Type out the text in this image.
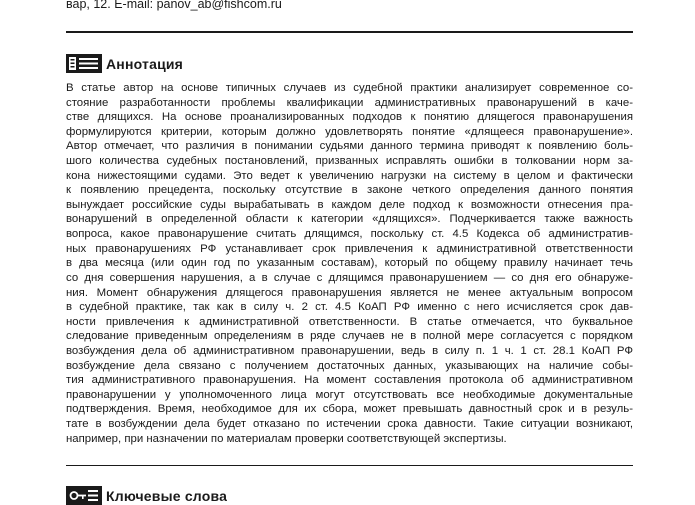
вар, 12. E-mail: panov_ab@fishcom.ru
Аннотация
В статье автор на основе типичных случаев из судебной практики анализирует современное со-
стояние разработанности проблемы квалификации административных правонарушений в каче-
стве длящихся. На основе проанализированных подходов к понятию длящегося правонарушения
формулируются критерии, которым должно удовлетворять понятие «длящееся правонарушение».
Автор отмечает, что различия в понимании судьями данного термина приводят к появлению боль-
шого количества судебных постановлений, призванных исправлять ошибки в толковании норм за-
кона нижестоящими судами. Это ведет к увеличению нагрузки на систему в целом и фактически
к появлению прецедента, поскольку отсутствие в законе четкого определения данного понятия
вынуждает российские суды вырабатывать в каждом деле подход к возможности отнесения пра-
вонарушений в определенной области к категории «длящихся». Подчеркивается также важность
вопроса, какое правонарушение считать длящимся, поскольку ст. 4.5 Кодекса об административ-
ных правонарушениях РФ устанавливает срок привлечения к административной ответственности
в два месяца (или один год по указанным составам), который по общему правилу начинает течь
со дня совершения нарушения, а в случае с длящимся правонарушением — со дня его обнаруже-
ния. Момент обнаружения длящегося правонарушения является не менее актуальным вопросом
в судебной практике, так как в силу ч. 2 ст. 4.5 КоАП РФ именно с него исчисляется срок дав-
ности привлечения к административной ответственности. В статье отмечается, что буквальное
следование приведенным определениям в ряде случаев не в полной мере согласуется с порядком
возбуждения дела об административном правонарушении, ведь в силу п. 1 ч. 1 ст. 28.1 КоАП РФ
возбуждение дела связано с получением достаточных данных, указывающих на наличие собы-
тия административного правонарушения. На момент составления протокола об административном
правонарушении у уполномоченного лица могут отсутствовать все необходимые документальные
подтверждения. Время, необходимое для их сбора, может превышать давностный срок и в резуль-
тате в возбуждении дела будет отказано по истечении срока давности. Такие ситуации возникают,
например, при назначении по материалам проверки соответствующей экспертизы.
Ключевые слова
